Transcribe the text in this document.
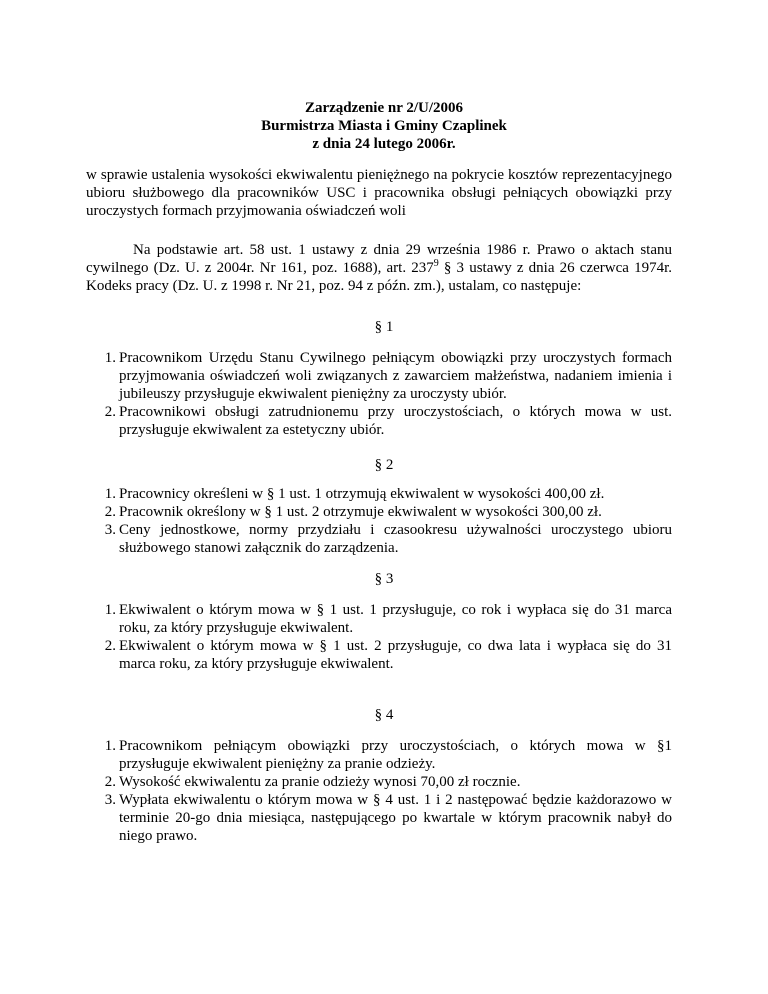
Zarządzenie nr 2/U/2006
Burmistrza Miasta i Gminy Czaplinek
z dnia 24 lutego 2006r.
w sprawie ustalenia wysokości ekwiwalentu pieniężnego na pokrycie kosztów reprezentacyjnego ubioru służbowego dla pracowników USC i pracownika obsługi pełniących obowiązki przy uroczystych formach przyjmowania oświadczeń woli
Na podstawie art. 58 ust. 1 ustawy z dnia 29 września 1986 r. Prawo o aktach stanu cywilnego (Dz. U. z 2004r. Nr 161, poz. 1688), art. $237^9$ § 3 ustawy z dnia 26 czerwca 1974r. Kodeks pracy (Dz. U. z 1998 r. Nr 21, poz. 94 z późn. zm.), ustalam, co następuje:
§ 1
1. Pracownikom Urzędu Stanu Cywilnego pełniącym obowiązki przy uroczystych formach przyjmowania oświadczeń woli związanych z zawarciem małżeństwa, nadaniem imienia i jubileuszy przysługuje ekwiwalent pieniężny za uroczysty ubiór.
2. Pracownikowi obsługi zatrudnionemu przy uroczystościach, o których mowa w ust. przysługuje ekwiwalent za estetyczny ubiór.
§ 2
1. Pracownicy określeni w § 1 ust. 1 otrzymują ekwiwalent w wysokości 400,00 zł.
2. Pracownik określony w § 1 ust. 2 otrzymuje ekwiwalent w wysokości 300,00 zł.
3. Ceny jednostkowe, normy przydziału i czasookresu używalności uroczystego ubioru służbowego stanowi załącznik do zarządzenia.
§ 3
1. Ekwiwalent o którym mowa w § 1 ust. 1 przysługuje, co rok i wypłaca się do 31 marca roku, za który przysługuje ekwiwalent.
2. Ekwiwalent o którym mowa w § 1 ust. 2 przysługuje, co dwa lata i wypłaca się do 31 marca roku, za który przysługuje ekwiwalent.
§ 4
1. Pracownikom pełniącym obowiązki przy uroczystościach, o których mowa w §1 przysługuje ekwiwalent pieniężny za pranie odzieży.
2. Wysokość ekwiwalentu za pranie odzieży wynosi 70,00 zł rocznie.
3. Wypłata ekwiwalentu o którym mowa w § 4 ust. 1 i 2 następować będzie każdorazowo w terminie 20-go dnia miesiąca, następującego po kwartale w którym pracownik nabył do niego prawo.
